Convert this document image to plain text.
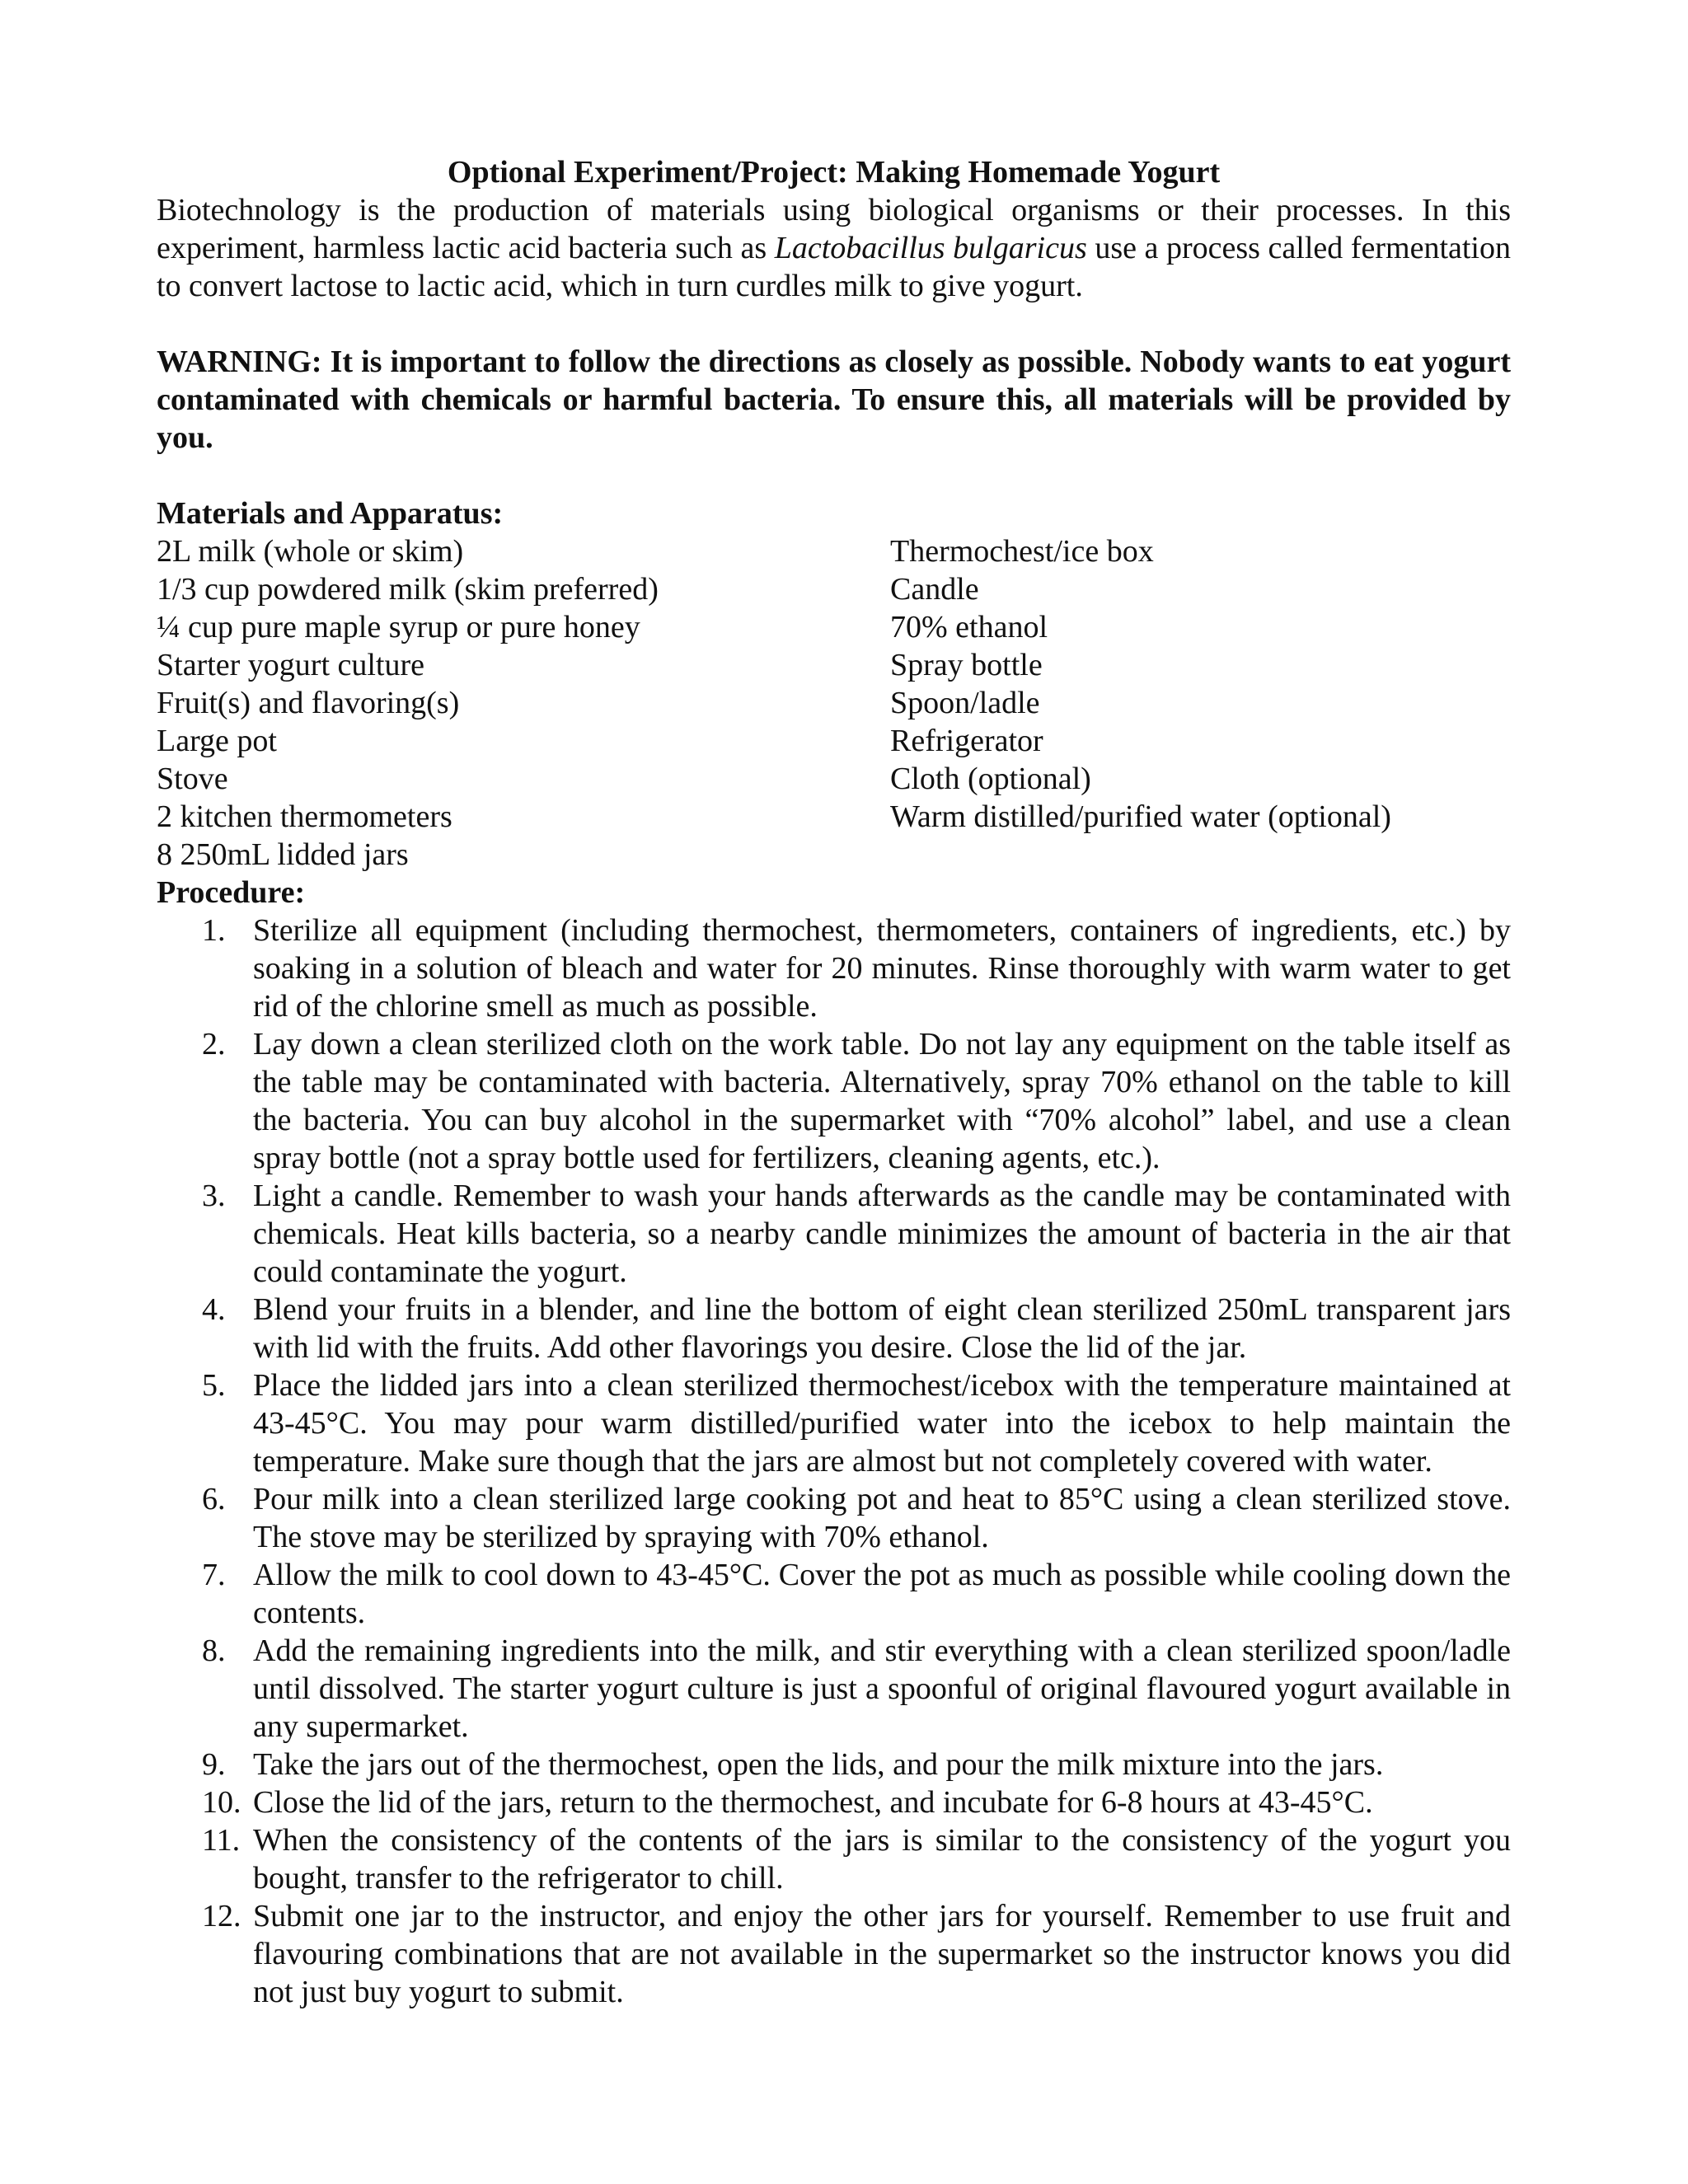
Optional Experiment/Project: Making Homemade Yogurt

Biotechnology is the production of materials using biological organisms or their processes. In this experiment, harmless lactic acid bacteria such as Lactobacillus bulgaricus use a process called fermentation to convert lactose to lactic acid, which in turn curdles milk to give yogurt.

WARNING: It is important to follow the directions as closely as possible. Nobody wants to eat yogurt contaminated with chemicals or harmful bacteria. To ensure this, all materials will be provided by you.

Materials and Apparatus:

2L milk (whole or skim)
1/3 cup powdered milk (skim preferred)
¼ cup pure maple syrup or pure honey
Starter yogurt culture
Fruit(s) and flavoring(s)
Large pot
Stove
2 kitchen thermometers
8 250mL lidded jars
Thermochest/ice box
Candle
70% ethanol
Spray bottle
Spoon/ladle
Refrigerator
Cloth (optional)
Warm distilled/purified water (optional)

Procedure:

1. Sterilize all equipment (including thermochest, thermometers, containers of ingredients, etc.) by soaking in a solution of bleach and water for 20 minutes. Rinse thoroughly with warm water to get rid of the chlorine smell as much as possible.
2. Lay down a clean sterilized cloth on the work table. Do not lay any equipment on the table itself as the table may be contaminated with bacteria. Alternatively, spray 70% ethanol on the table to kill the bacteria. You can buy alcohol in the supermarket with “70% alcohol” label, and use a clean spray bottle (not a spray bottle used for fertilizers, cleaning agents, etc.).
3. Light a candle. Remember to wash your hands afterwards as the candle may be contaminated with chemicals. Heat kills bacteria, so a nearby candle minimizes the amount of bacteria in the air that could contaminate the yogurt.
4. Blend your fruits in a blender, and line the bottom of eight clean sterilized 250mL transparent jars with lid with the fruits. Add other flavorings you desire. Close the lid of the jar.
5. Place the lidded jars into a clean sterilized thermochest/icebox with the temperature maintained at 43-45°C. You may pour warm distilled/purified water into the icebox to help maintain the temperature. Make sure though that the jars are almost but not completely covered with water.
6. Pour milk into a clean sterilized large cooking pot and heat to 85°C using a clean sterilized stove. The stove may be sterilized by spraying with 70% ethanol.
7. Allow the milk to cool down to 43-45°C. Cover the pot as much as possible while cooling down the contents.
8. Add the remaining ingredients into the milk, and stir everything with a clean sterilized spoon/ladle until dissolved. The starter yogurt culture is just a spoonful of original flavoured yogurt available in any supermarket.
9. Take the jars out of the thermochest, open the lids, and pour the milk mixture into the jars.
10. Close the lid of the jars, return to the thermochest, and incubate for 6-8 hours at 43-45°C.
11. When the consistency of the contents of the jars is similar to the consistency of the yogurt you bought, transfer to the refrigerator to chill.
12. Submit one jar to the instructor, and enjoy the other jars for yourself. Remember to use fruit and flavouring combinations that are not available in the supermarket so the instructor knows you did not just buy yogurt to submit.
